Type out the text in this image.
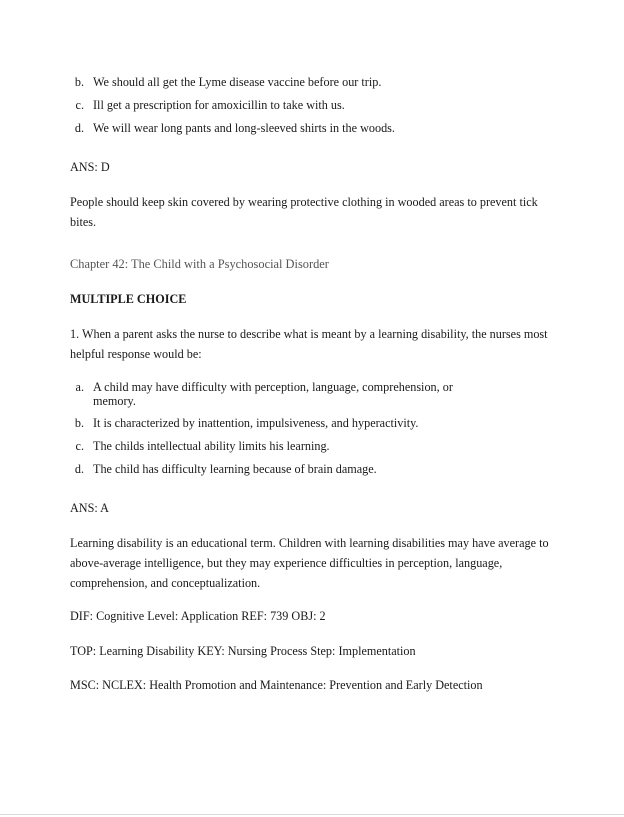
b. We should all get the Lyme disease vaccine before our trip.
c. Ill get a prescription for amoxicillin to take with us.
d. We will wear long pants and long-sleeved shirts in the woods.
ANS: D
People should keep skin covered by wearing protective clothing in wooded areas to prevent tick bites.
Chapter 42: The Child with a Psychosocial Disorder
MULTIPLE CHOICE
1. When a parent asks the nurse to describe what is meant by a learning disability, the nurses most helpful response would be:
a. A child may have difficulty with perception, language, comprehension, or
memory.
b. It is characterized by inattention, impulsiveness, and hyperactivity.
c. The childs intellectual ability limits his learning.
d. The child has difficulty learning because of brain damage.
ANS: A
Learning disability is an educational term. Children with learning disabilities may have average to above-average intelligence, but they may experience difficulties in perception, language, comprehension, and conceptualization.
DIF: Cognitive Level: Application REF: 739 OBJ: 2
TOP: Learning Disability KEY: Nursing Process Step: Implementation
MSC: NCLEX: Health Promotion and Maintenance: Prevention and Early Detection
